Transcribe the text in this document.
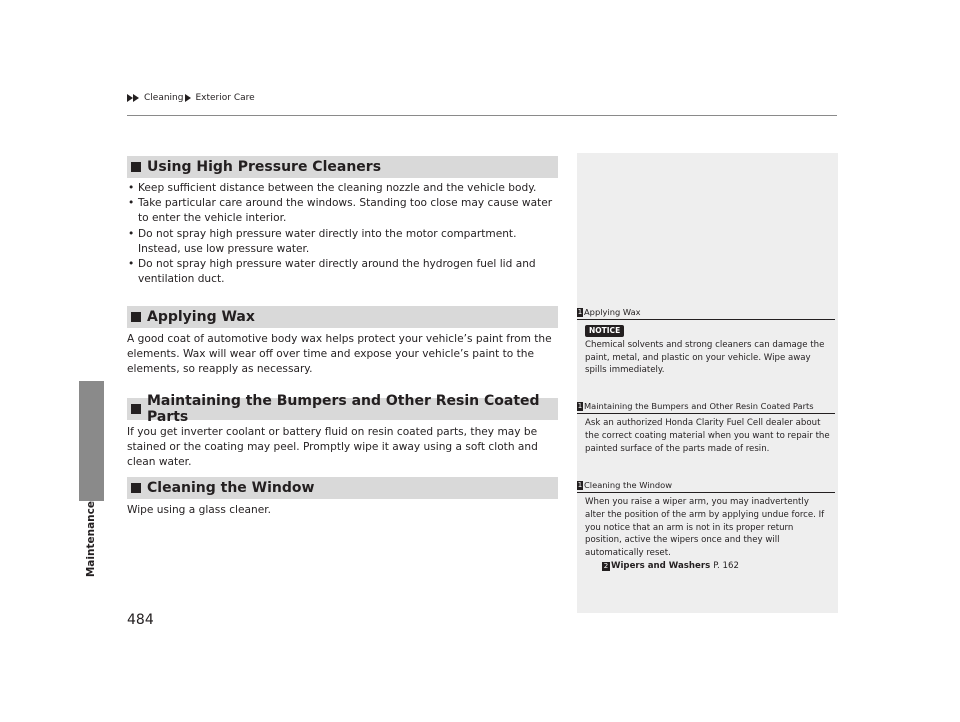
Maintenance
Cleaning Exterior Care
Using High Pressure Cleaners
• Keep sufficient distance between the cleaning nozzle and the vehicle body.
• Take particular care around the windows. Standing too close may cause water to enter the vehicle interior.
• Do not spray high pressure water directly into the motor compartment. Instead, use low pressure water.
• Do not spray high pressure water directly around the hydrogen fuel lid and ventilation duct.
Applying Wax

A good coat of automotive body wax helps protect your vehicle’s paint from the elements. Wax will wear off over time and expose your vehicle’s paint to the elements, so reapply as necessary.

Maintaining the Bumpers and Other Resin Coated Parts

If you get inverter coolant or battery fluid on resin coated parts, they may be stained or the coating may peel. Promptly wipe it away using a soft cloth and clean water.

Cleaning the Window

Wipe using a glass cleaner.

1 Applying Wax
NOTICE
Chemical solvents and strong cleaners can damage the paint, metal, and plastic on your vehicle. Wipe away spills immediately.
1 Maintaining the Bumpers and Other Resin Coated Parts
Ask an authorized Honda Clarity Fuel Cell dealer about the correct coating material when you want to repair the painted surface of the parts made of resin.
1 Cleaning the Window
When you raise a wiper arm, you may inadvertently alter the position of the arm by applying undue force. If you notice that an arm is not in its proper return position, active the wipers once and they will automatically reset.
2 Wipers and Washers P. 162
484
